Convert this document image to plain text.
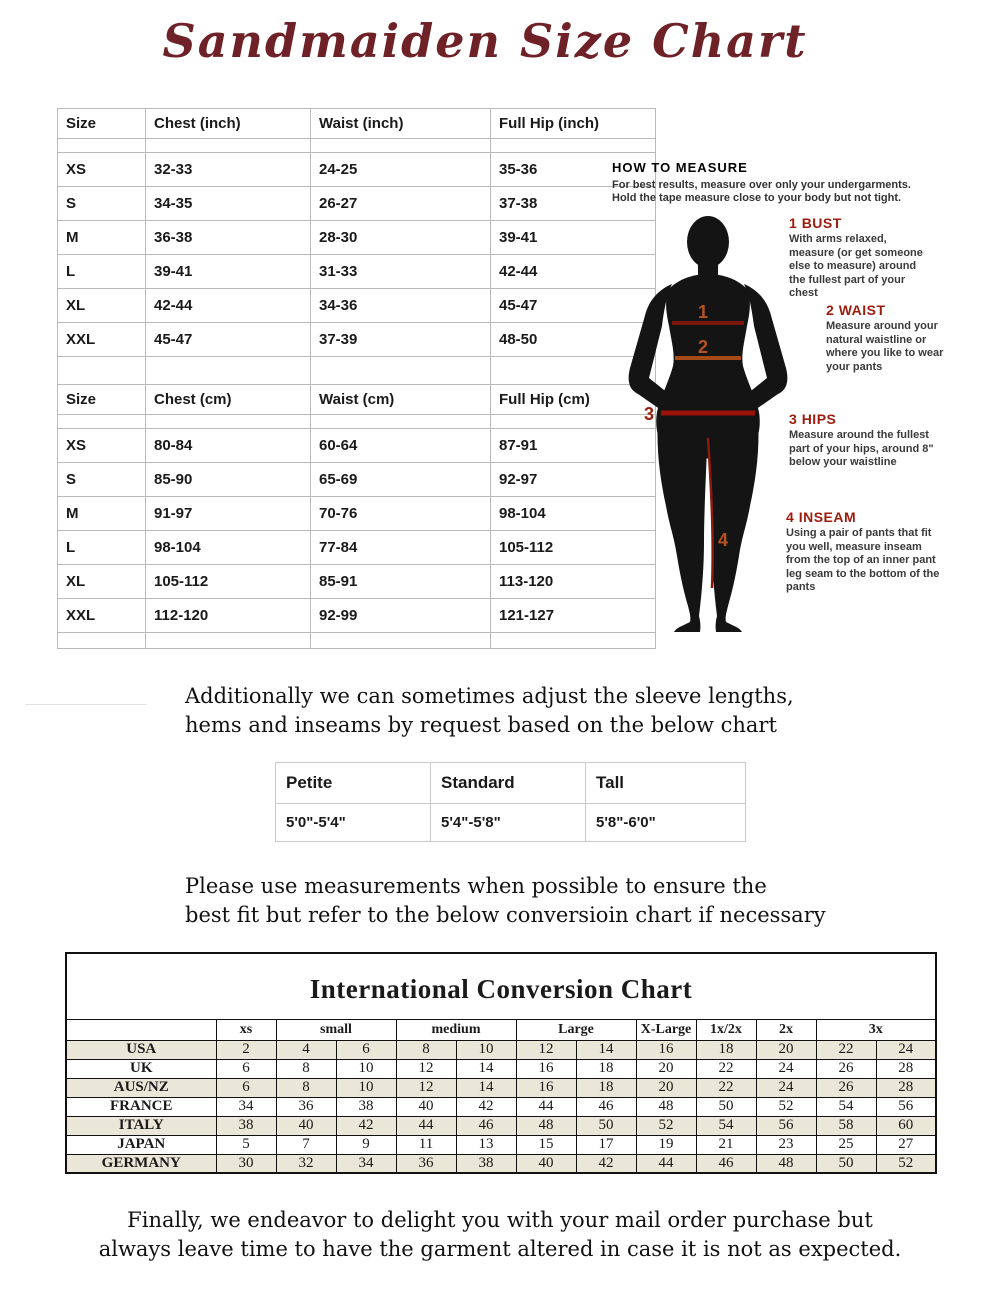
Sandmaiden Size Chart
Size	Chest (inch)	Waist (inch)	Full Hip (inch)

XS	32-33	24-25	35-36
S	34-35	26-27	37-38
M	36-38	28-30	39-41
L	39-41	31-33	42-44
XL	42-44	34-36	45-47
XXL	45-47	37-39	48-50

Size	Chest (cm)	Waist (cm)	Full Hip (cm)

XS	80-84	60-64	87-91
S	85-90	65-69	92-97
M	91-97	70-76	98-104
L	98-104	77-84	105-112
XL	105-112	85-91	113-120
XXL	112-120	92-99	121-127

HOW TO MEASURE
For best results, measure over only your undergarments.
Hold the tape measure close to your body but not tight.
1
2
3
4
1 BUST

With arms relaxed, measure (or get someone else to measure) around the fullest part of your chest

2 WAIST

Measure around your natural waistline or where you like to wear your pants

3 HIPS

Measure around the fullest part of your hips, around 8" below your waistline

4 INSEAM

Using a pair of pants that fit you well, measure inseam from the top of an inner pant leg seam to the bottom of the pants

Additionally we can sometimes adjust the sleeve lengths,
hems and inseams by request based on the below chart

Petite	Standard	Tall
5'0"-5'4"	5'4"-5'8"	5'8"-6'0"

Please use measurements when possible to ensure the
best fit but refer to the below conversioin chart if necessary

International Conversion Chart												
	xs	small		medium		Large		X-Large	1x/2x	2x	3x	
USA	2	4	6	8	10	12	14	16	18	20	22	24
UK	6	8	10	12	14	16	18	20	22	24	26	28
AUS/NZ	6	8	10	12	14	16	18	20	22	24	26	28
FRANCE	34	36	38	40	42	44	46	48	50	52	54	56
ITALY	38	40	42	44	46	48	50	52	54	56	58	60
JAPAN	5	7	9	11	13	15	17	19	21	23	25	27
GERMANY	30	32	34	36	38	40	42	44	46	48	50	52

Finally, we endeavor to delight you with your mail order purchase but
always leave time to have the garment altered in case it is not as expected.
